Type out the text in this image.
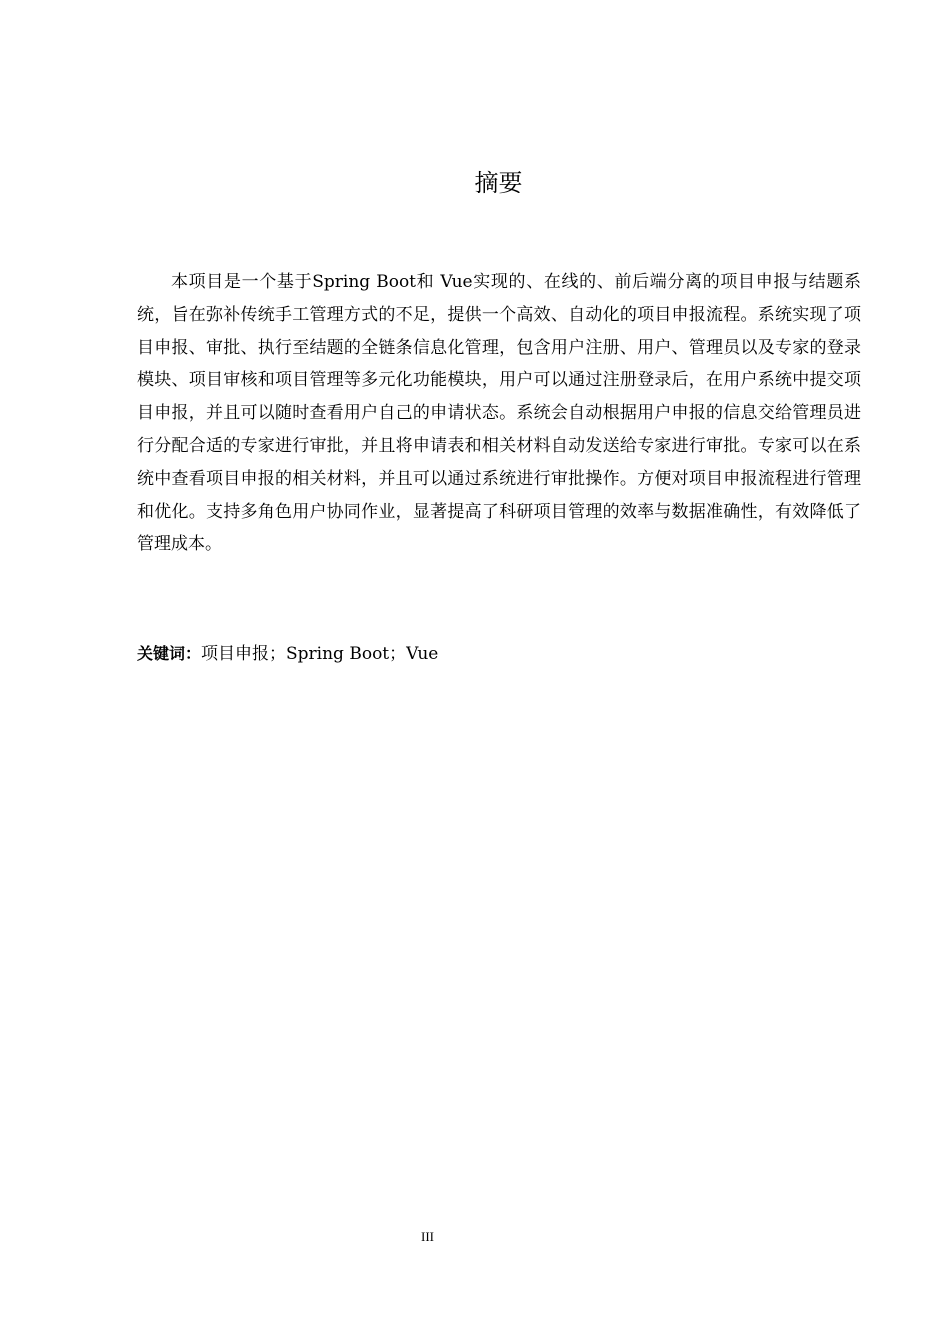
摘要

本项目是一个基于Spring Boot和 Vue实现的、在线的、前后端分离的项目申报与结题系统，旨在弥补传统手工管理方式的不足，提供一个高效、自动化的项目申报流程。系统实现了项目申报、审批、执行至结题的全链条信息化管理，包含用户注册、用户、管理员以及专家的登录模块、项目审核和项目管理等多元化功能模块，用户可以通过注册登录后，在用户系统中提交项目申报，并且可以随时查看用户自己的申请状态。系统会自动根据用户申报的信息交给管理员进行分配合适的专家进行审批，并且将申请表和相关材料自动发送给专家进行审批。专家可以在系统中查看项目申报的相关材料，并且可以通过系统进行审批操作。方便对项目申报流程进行管理和优化。支持多角色用户协同作业，显著提高了科研项目管理的效率与数据准确性，有效降低了管理成本。

关键词：项目申报；Spring Boot；Vue
III
